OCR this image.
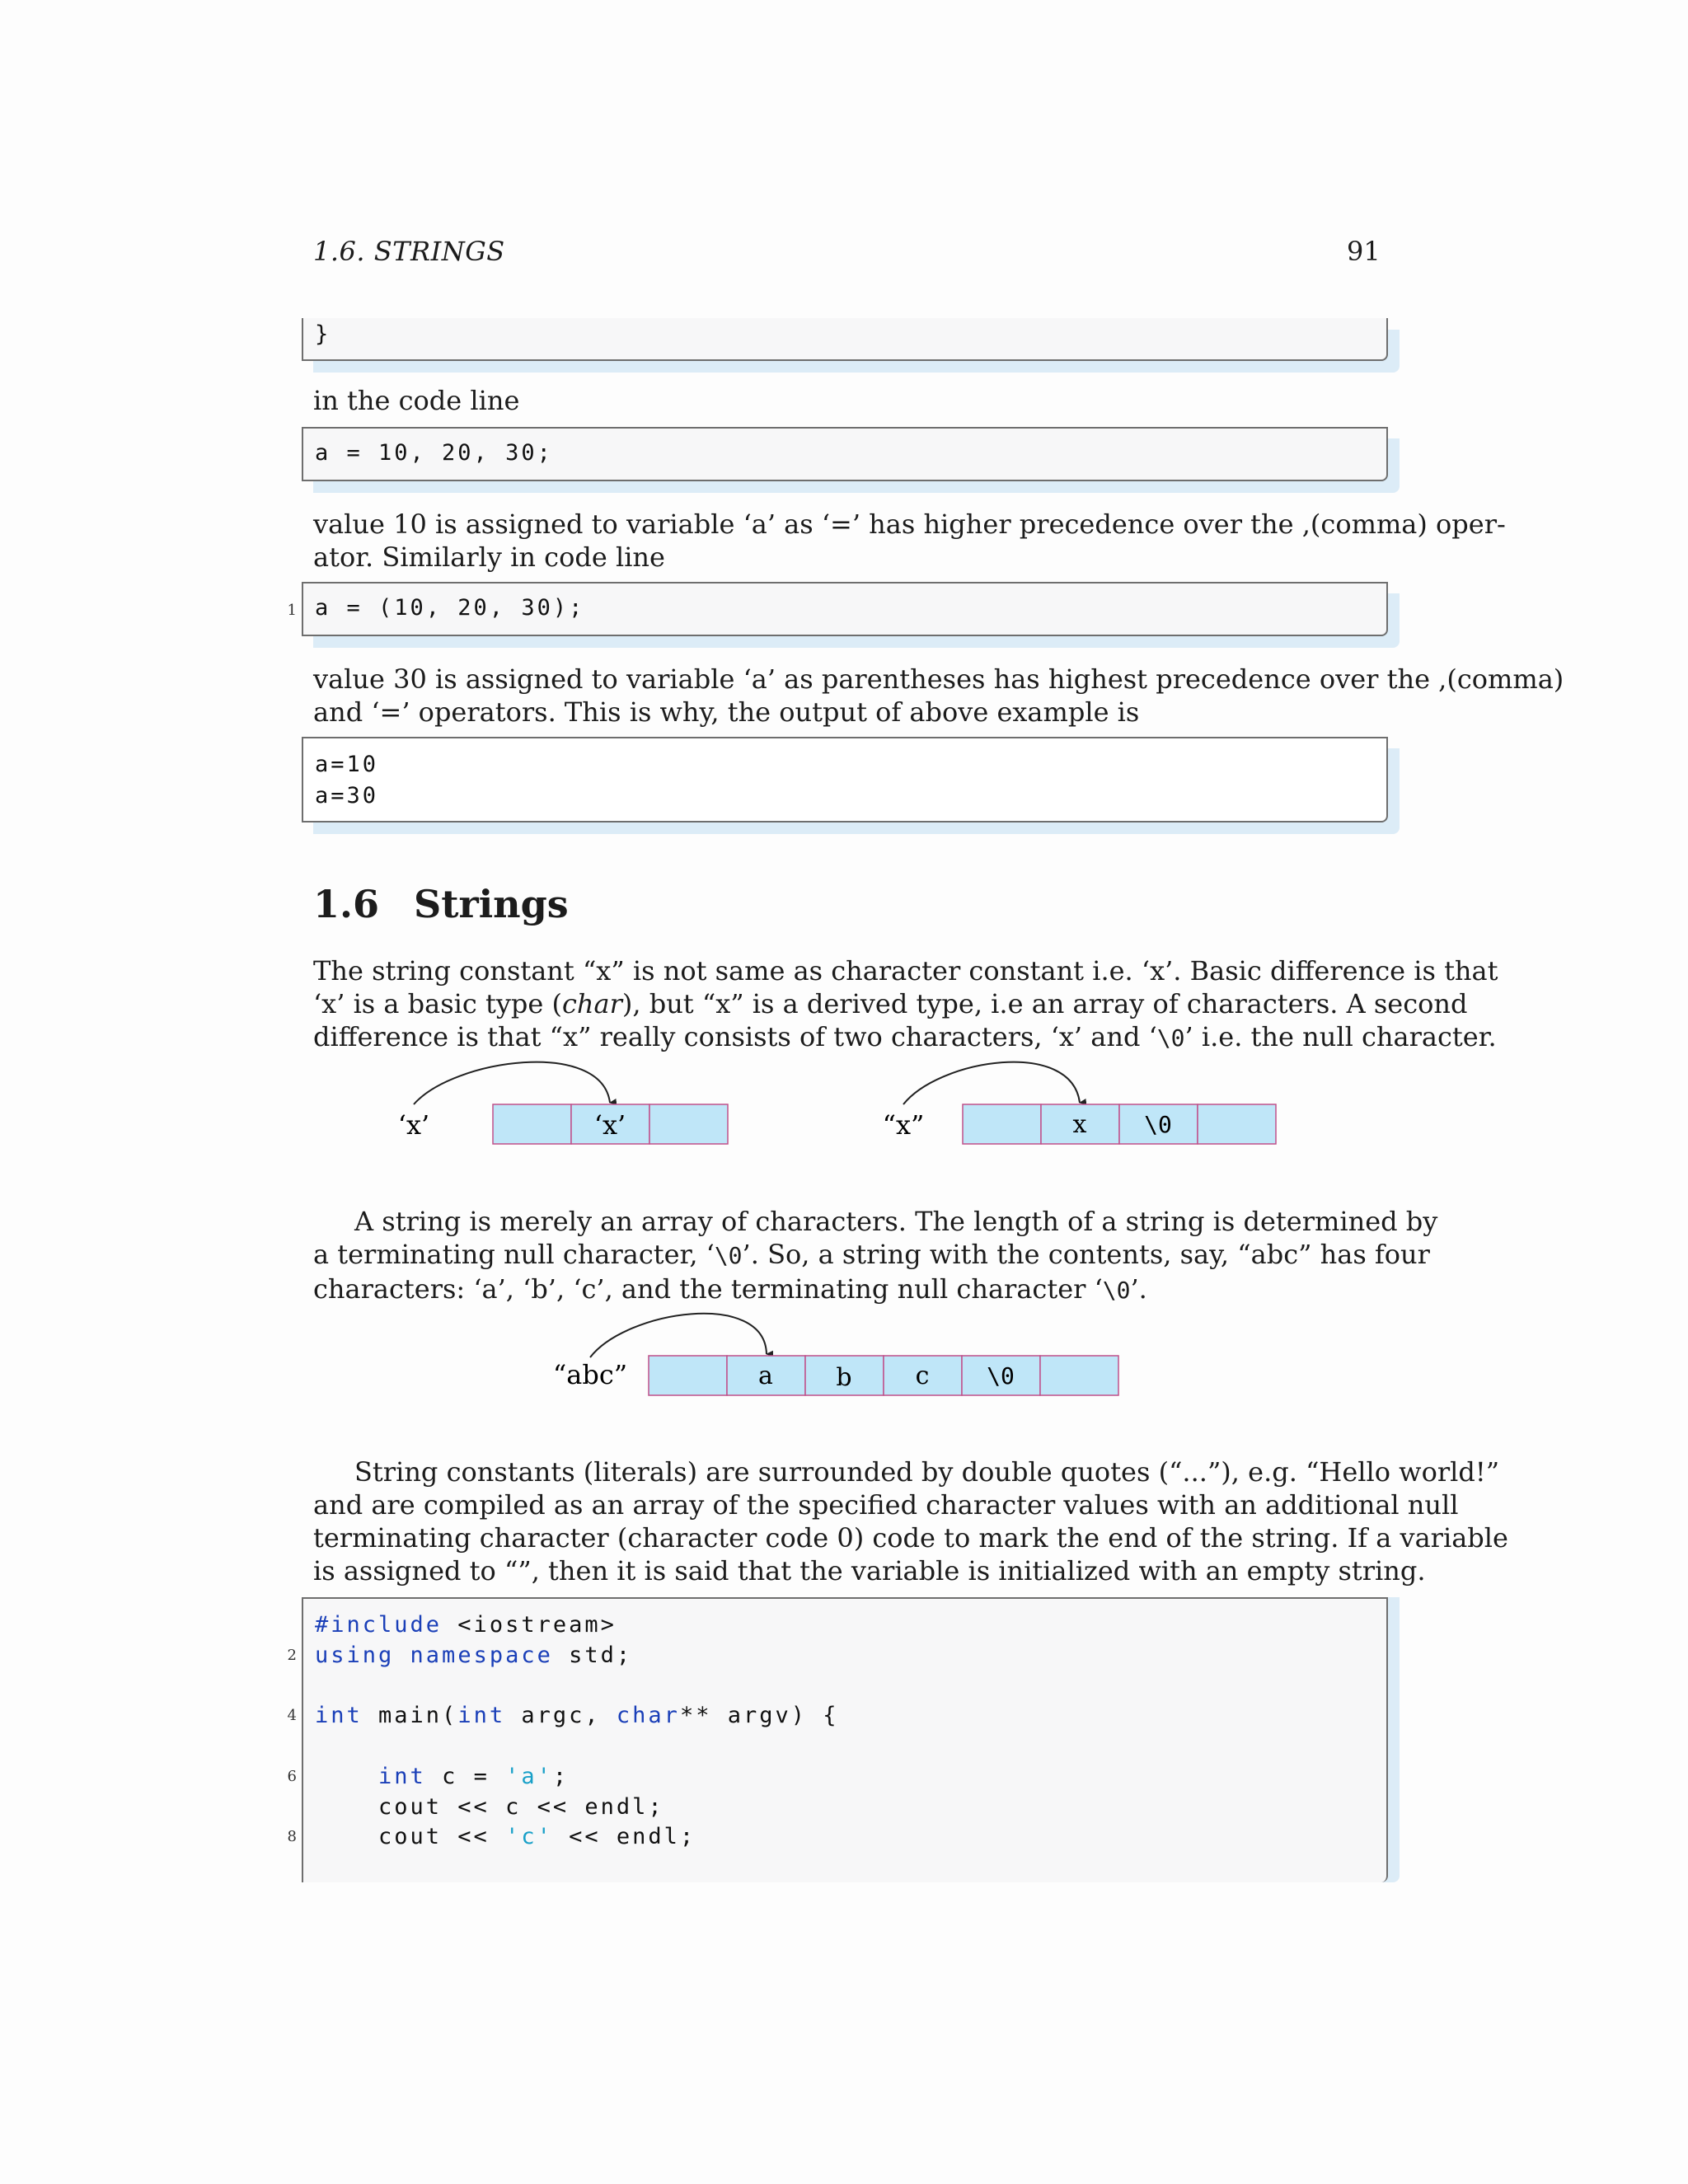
1.6. STRINGS	91
}
in the code line
a = 10, 20, 30;
value 10 is assigned to variable ‘a’ as ‘=’ has higher precedence over the ,(comma) oper-
ator. Similarly in code line
1 a = (10, 20, 30);
value 30 is assigned to variable ‘a’ as parentheses has highest precedence over the ,(comma)
and ‘=’ operators. This is why, the output of above example is
a=10
a=30
1.6 Strings
The string constant “x” is not same as character constant i.e. ‘x’. Basic difference is that
‘x’ is a basic type (char), but “x” is a derived type, i.e an array of characters. A second
difference is that “x” really consists of two characters, ‘x’ and ‘\0’ i.e. the null character.
‘x’	‘x’	“x”	x \0
A string is merely an array of characters. The length of a string is determined by
a terminating null character, ‘\0’. So, a string with the contents, say, “abc” has four
characters: ‘a’, ‘b’, ‘c’, and the terminating null character ‘\0’.
“abc”	a	b	c \0
String constants (literals) are surrounded by double quotes (“...”), e.g. “Hello world!”
and are compiled as an array of the specified character values with an additional null
terminating character (character code 0) code to mark the end of the string. If a variable
is assigned to “”, then it is said that the variable is initialized with an empty string.
2
4
6
8
#include <iostream>
using namespace std;
int main(int argc, char** argv) {
int c = 'a';
cout << c << endl;
cout << 'c' << endl;
